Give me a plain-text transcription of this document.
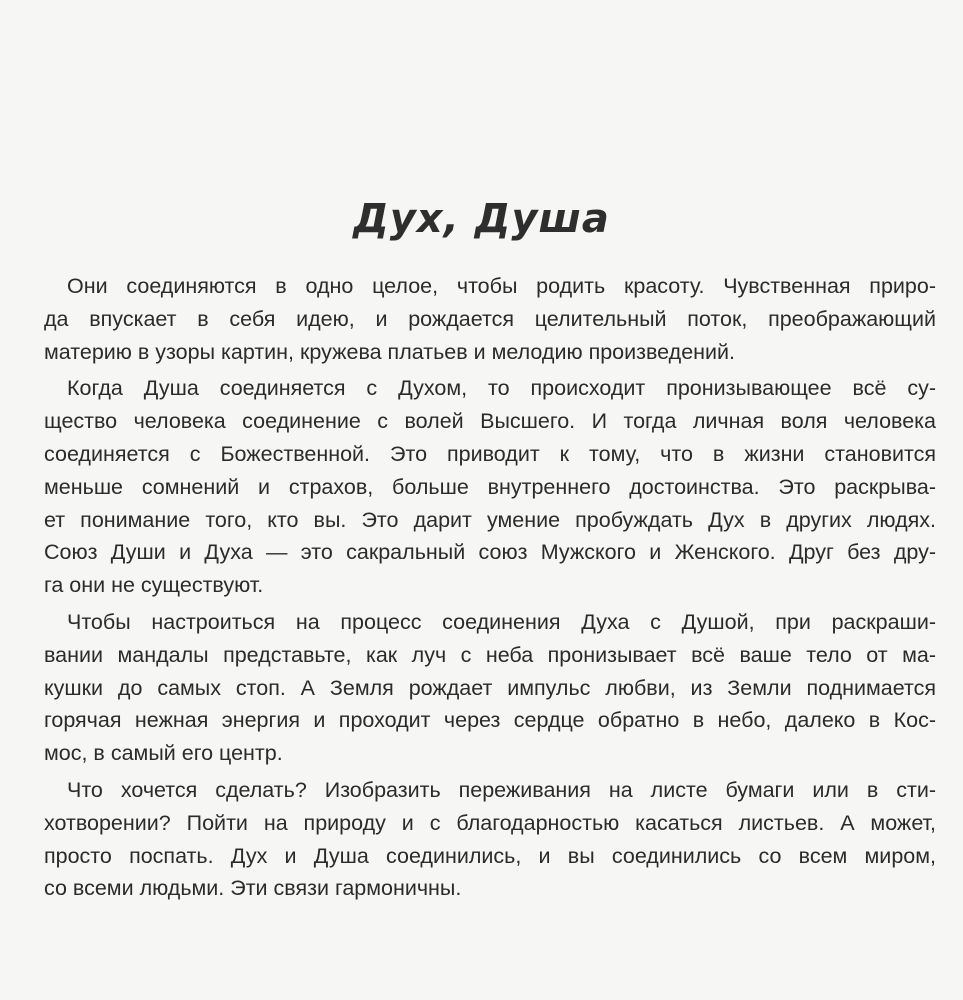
Дух, Душа

Они соединяются в одно целое, чтобы родить красоту. Чувственная приро-
да впускает в себя идею, и рождается целительный поток, преображающий
материю в узоры картин, кружева платьев и мелодию произведений.

Когда Душа соединяется с Духом, то происходит пронизывающее всё су-
щество человека соединение с волей Высшего. И тогда личная воля человека
соединяется с Божественной. Это приводит к тому, что в жизни становится
меньше сомнений и страхов, больше внутреннего достоинства. Это раскрыва-
ет понимание того, кто вы. Это дарит умение пробуждать Дух в других людях.
Союз Души и Духа — это сакральный союз Мужского и Женского. Друг без дру-
га они не существуют.

Чтобы настроиться на процесс соединения Духа с Душой, при раскраши-
вании мандалы представьте, как луч с неба пронизывает всё ваше тело от ма-
кушки до самых стоп. А Земля рождает импульс любви, из Земли поднимается
горячая нежная энергия и проходит через сердце обратно в небо, далеко в Кос-
мос, в самый его центр.

Что хочется сделать? Изобразить переживания на листе бумаги или в сти-
хотворении? Пойти на природу и с благодарностью касаться листьев. А может,
просто поспать. Дух и Душа соединились, и вы соединились со всем миром,
со всеми людьми. Эти связи гармоничны.
